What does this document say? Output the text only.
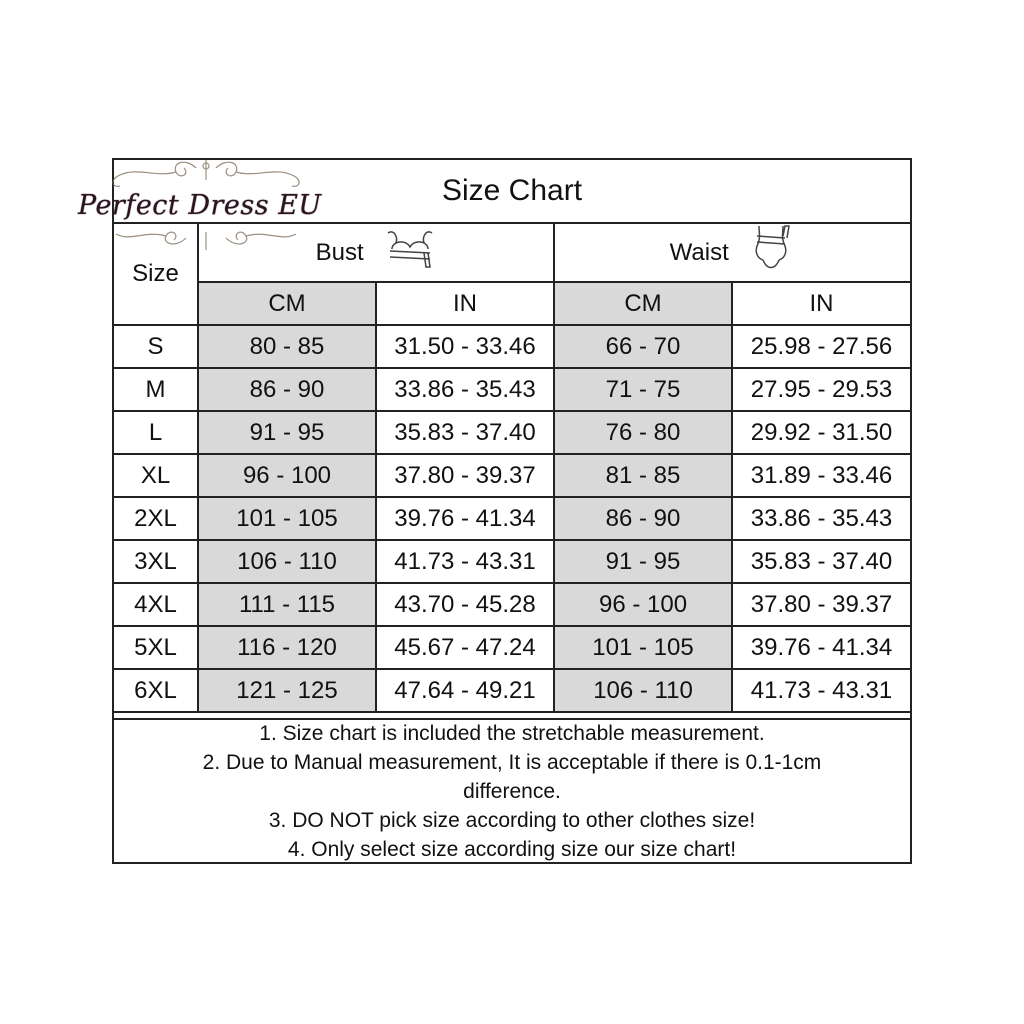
Perfect Dress EU	Size Chart
Size	Bust		Waist	
	CM	IN	CM	IN
S	80 - 85	31.50 - 33.46	66 - 70	25.98 - 27.56
M	86 - 90	33.86 - 35.43	71 - 75	27.95 - 29.53
L	91 - 95	35.83 - 37.40	76 - 80	29.92 - 31.50
XL	96 - 100	37.80 - 39.37	81 - 85	31.89 - 33.46
2XL	101 - 105	39.76 - 41.34	86 - 90	33.86 - 35.43
3XL	106 - 110	41.73 - 43.31	91 - 95	35.83 - 37.40
4XL	111 - 115	43.70 - 45.28	96 - 100	37.80 - 39.37
5XL	116 - 120	45.67 - 47.24	101 - 105	39.76 - 41.34
6XL	121 - 125	47.64 - 49.21	106 - 110	41.73 - 43.31
1. Size chart is included the stretchable measurement.
2. Due to Manual measurement, It is acceptable if there is 0.1-1cm difference.
3. DO NOT pick size according to other clothes size!
4. Only select size according size our size chart!
